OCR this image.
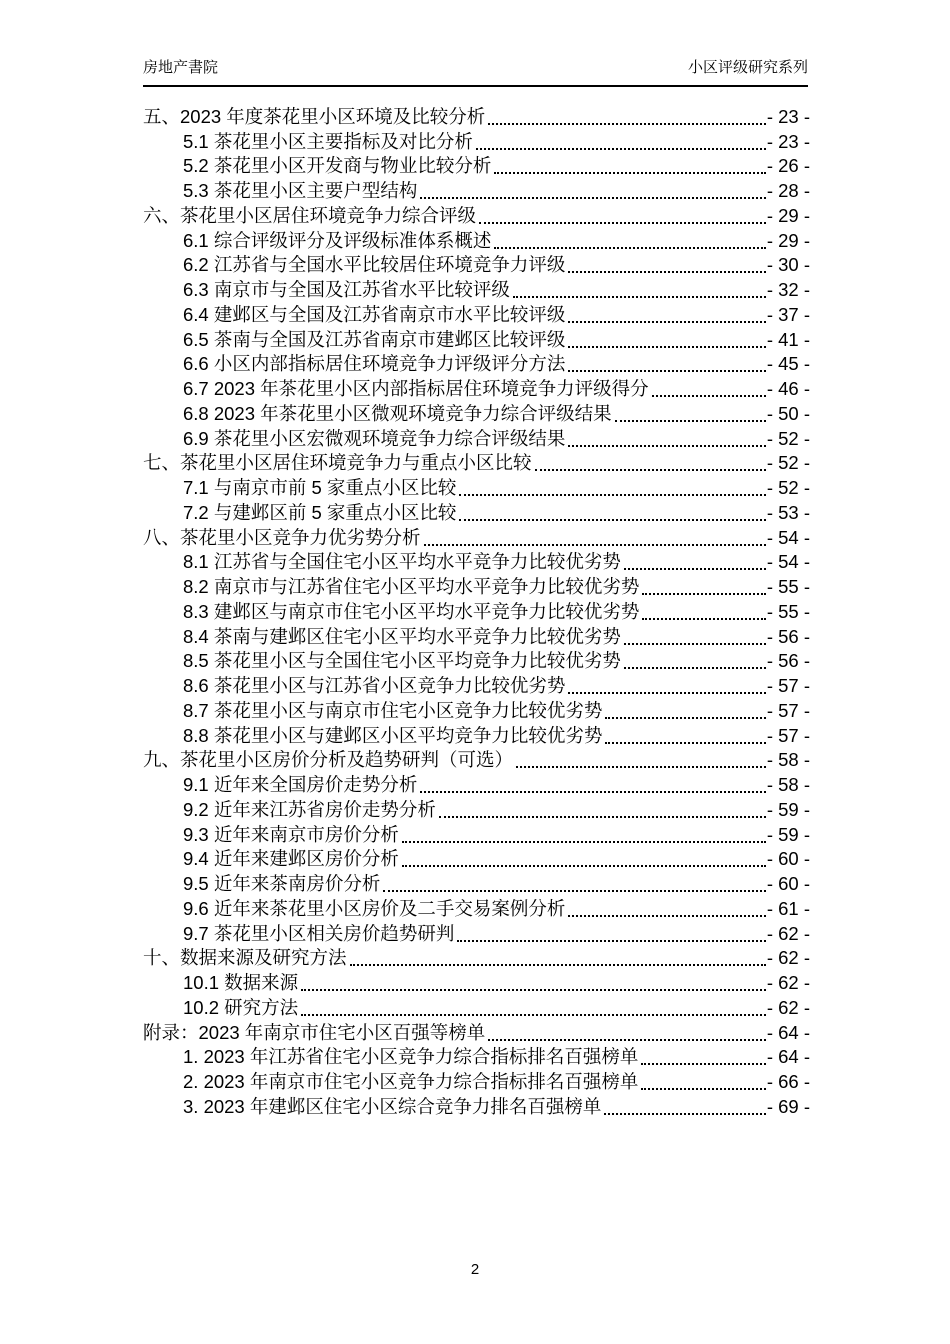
房地产書院	小区评级研究系列
五、2023 年度茶花里小区环境及比较分析	- 23 -
5.1 茶花里小区主要指标及对比分析	- 23 -
5.2 茶花里小区开发商与物业比较分析	- 26 -
5.3 茶花里小区主要户型结构	- 28 -
六、茶花里小区居住环境竞争力综合评级	- 29 -
6.1 综合评级评分及评级标准体系概述	- 29 -
6.2 江苏省与全国水平比较居住环境竞争力评级	- 30 -
6.3 南京市与全国及江苏省水平比较评级	- 32 -
6.4 建邺区与全国及江苏省南京市水平比较评级	- 37 -
6.5 茶南与全国及江苏省南京市建邺区比较评级	- 41 -
6.6 小区内部指标居住环境竞争力评级评分方法	- 45 -
6.7 2023 年茶花里小区内部指标居住环境竞争力评级得分	- 46 -
6.8 2023 年茶花里小区微观环境竞争力综合评级结果	- 50 -
6.9 茶花里小区宏微观环境竞争力综合评级结果	- 52 -
七、茶花里小区居住环境竞争力与重点小区比较	- 52 -
7.1 与南京市前 5 家重点小区比较	- 52 -
7.2 与建邺区前 5 家重点小区比较	- 53 -
八、茶花里小区竞争力优劣势分析	- 54 -
8.1 江苏省与全国住宅小区平均水平竞争力比较优劣势	- 54 -
8.2 南京市与江苏省住宅小区平均水平竞争力比较优劣势	- 55 -
8.3 建邺区与南京市住宅小区平均水平竞争力比较优劣势	- 55 -
8.4 茶南与建邺区住宅小区平均水平竞争力比较优劣势	- 56 -
8.5 茶花里小区与全国住宅小区平均竞争力比较优劣势	- 56 -
8.6 茶花里小区与江苏省小区竞争力比较优劣势	- 57 -
8.7 茶花里小区与南京市住宅小区竞争力比较优劣势	- 57 -
8.8 茶花里小区与建邺区小区平均竞争力比较优劣势	- 57 -
九、茶花里小区房价分析及趋势研判（可选）	- 58 -
9.1 近年来全国房价走势分析	- 58 -
9.2 近年来江苏省房价走势分析	- 59 -
9.3 近年来南京市房价分析	- 59 -
9.4 近年来建邺区房价分析	- 60 -
9.5 近年来茶南房价分析	- 60 -
9.6 近年来茶花里小区房价及二手交易案例分析	- 61 -
9.7 茶花里小区相关房价趋势研判	- 62 -
十、数据来源及研究方法	- 62 -
10.1 数据来源	- 62 -
10.2 研究方法	- 62 -
附录：2023 年南京市住宅小区百强等榜单	- 64 -
1. 2023 年江苏省住宅小区竞争力综合指标排名百强榜单	- 64 -
2. 2023 年南京市住宅小区竞争力综合指标排名百强榜单	- 66 -
3. 2023 年建邺区住宅小区综合竞争力排名百强榜单	- 69 -
2
